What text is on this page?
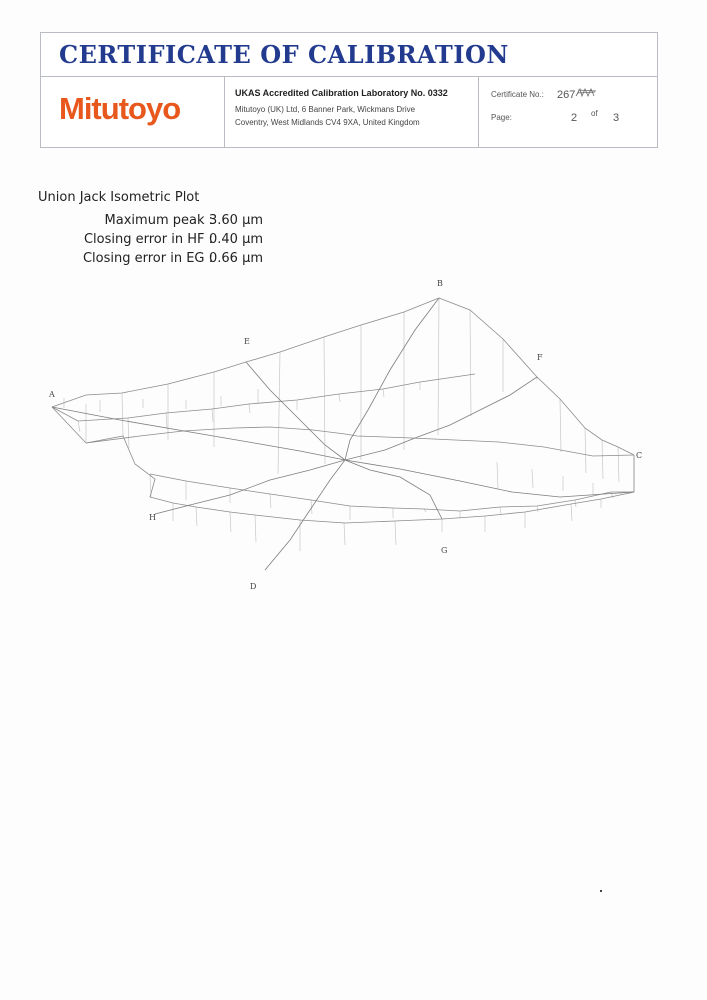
CERTIFICATE OF CALIBRATION
Mitutoyo	UKAS Accredited Calibration Laboratory No. 0332
Mitutoyo (UK) Ltd, 6 Banner Park, Wickmans Drive
Coventry, West Midlands CV4 9XA, United Kingdom
Certificate No.: 267
Page:	2 of 3
Union Jack Isometric Plot
Maximum peak :
3.60 µm
Closing error in HF :
0.40 µm
Closing error in EG :
0.66 µm
A
B
C
D
E
F
G
H
